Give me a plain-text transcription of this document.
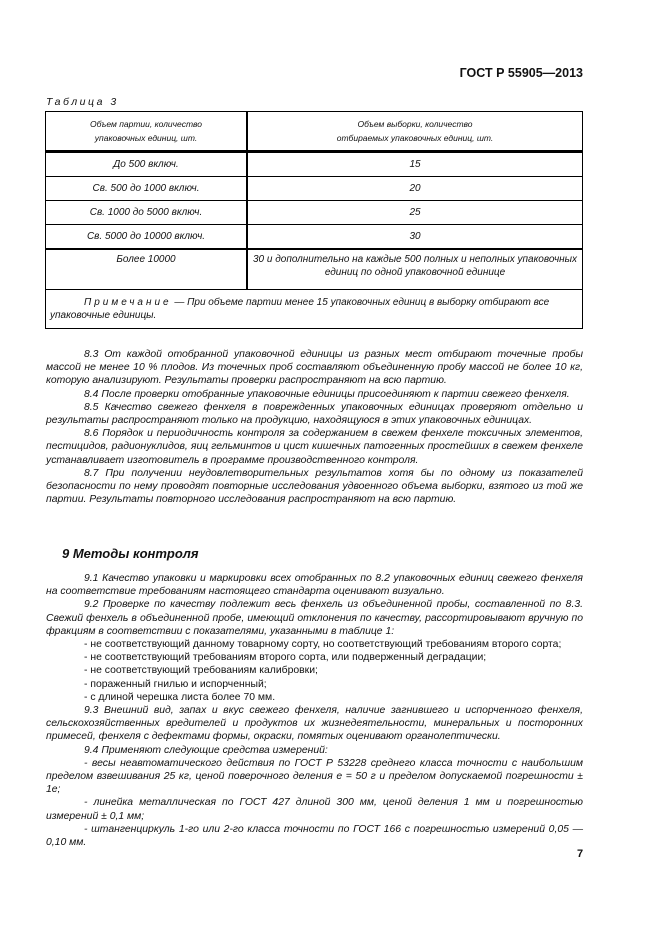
ГОСТ Р 55905—2013
Таблица 3
Объем партии, количество
упаковочных единиц, шт.

Объем выборки, количество
отбираемых упаковочных единиц, шт.

До 500 включ.	15
Св. 500 до 1000 включ.	20
Св. 1000 до 5000 включ.	25
Св. 5000 до 10000 включ.	30
Более 10000	30 и дополнительно на каждые 500 полных и неполных упаковочных единиц по одной упаковочной единице
Примечание — При объеме партии менее 15 упаковочных единиц в выборку отбирают все упаковочные единицы.	

8.3 От каждой отобранной упаковочной единицы из разных мест отбирают точечные пробы массой не менее 10 % плодов. Из точечных проб составляют объединенную пробу массой не более 10 кг, которую анализируют. Результаты проверки распространяют на всю партию.

8.4 После проверки отобранные упаковочные единицы присоединяют к партии свежего фенхеля.

8.5 Качество свежего фенхеля в поврежденных упаковочных единицах проверяют отдельно и результаты распространяют только на продукцию, находящуюся в этих упаковочных единицах.

8.6 Порядок и периодичность контроля за содержанием в свежем фенхеле токсичных элементов, пестицидов, радионуклидов, яиц гельминтов и цист кишечных патогенных простейших в свежем фенхеле устанавливает изготовитель в программе производственного контроля.

8.7 При получении неудовлетворительных результатов хотя бы по одному из показателей безопасности по нему проводят повторные исследования удвоенного объема выборки, взятого из той же партии. Результаты повторного исследования распространяют на всю партию.

9 Методы контроля

9.1 Качество упаковки и маркировки всех отобранных по 8.2 упаковочных единиц свежего фенхеля на соответствие требованиям настоящего стандарта оценивают визуально.

9.2 Проверке по качеству подлежит весь фенхель из объединенной пробы, составленной по 8.3. Свежий фенхель в объединенной пробе, имеющий отклонения по качеству, рассортировывают вручную по фракциям в соответствии с показателями, указанными в таблице 1:

- не соответствующий данному товарному сорту, но соответствующий требованиям второго сорта;

- не соответствующий требованиям второго сорта, или подверженный деградации;

- не соответствующий требованиям калибровки;

- пораженный гнилью и испорченный;

- с длиной черешка листа более 70 мм.

9.3 Внешний вид, запах и вкус свежего фенхеля, наличие загнившего и испорченного фенхеля, сельскохозяйственных вредителей и продуктов их жизнедеятельности, минеральных и посторонних примесей, фенхеля с дефектами формы, окраски, помятых оценивают органолептически.

9.4 Применяют следующие средства измерений:

- весы неавтоматического действия по ГОСТ Р 53228 среднего класса точности с наибольшим пределом взвешивания 25 кг, ценой поверочного деления е = 50 г и пределом допускаемой погрешности ± 1е;

- линейка металлическая по ГОСТ 427 длиной 300 мм, ценой деления 1 мм и погрешностью измерений ± 0,1 мм;

- штангенциркуль 1-го или 2-го класса точности по ГОСТ 166 с погрешностью измерений 0,05 — 0,10 мм.

7
